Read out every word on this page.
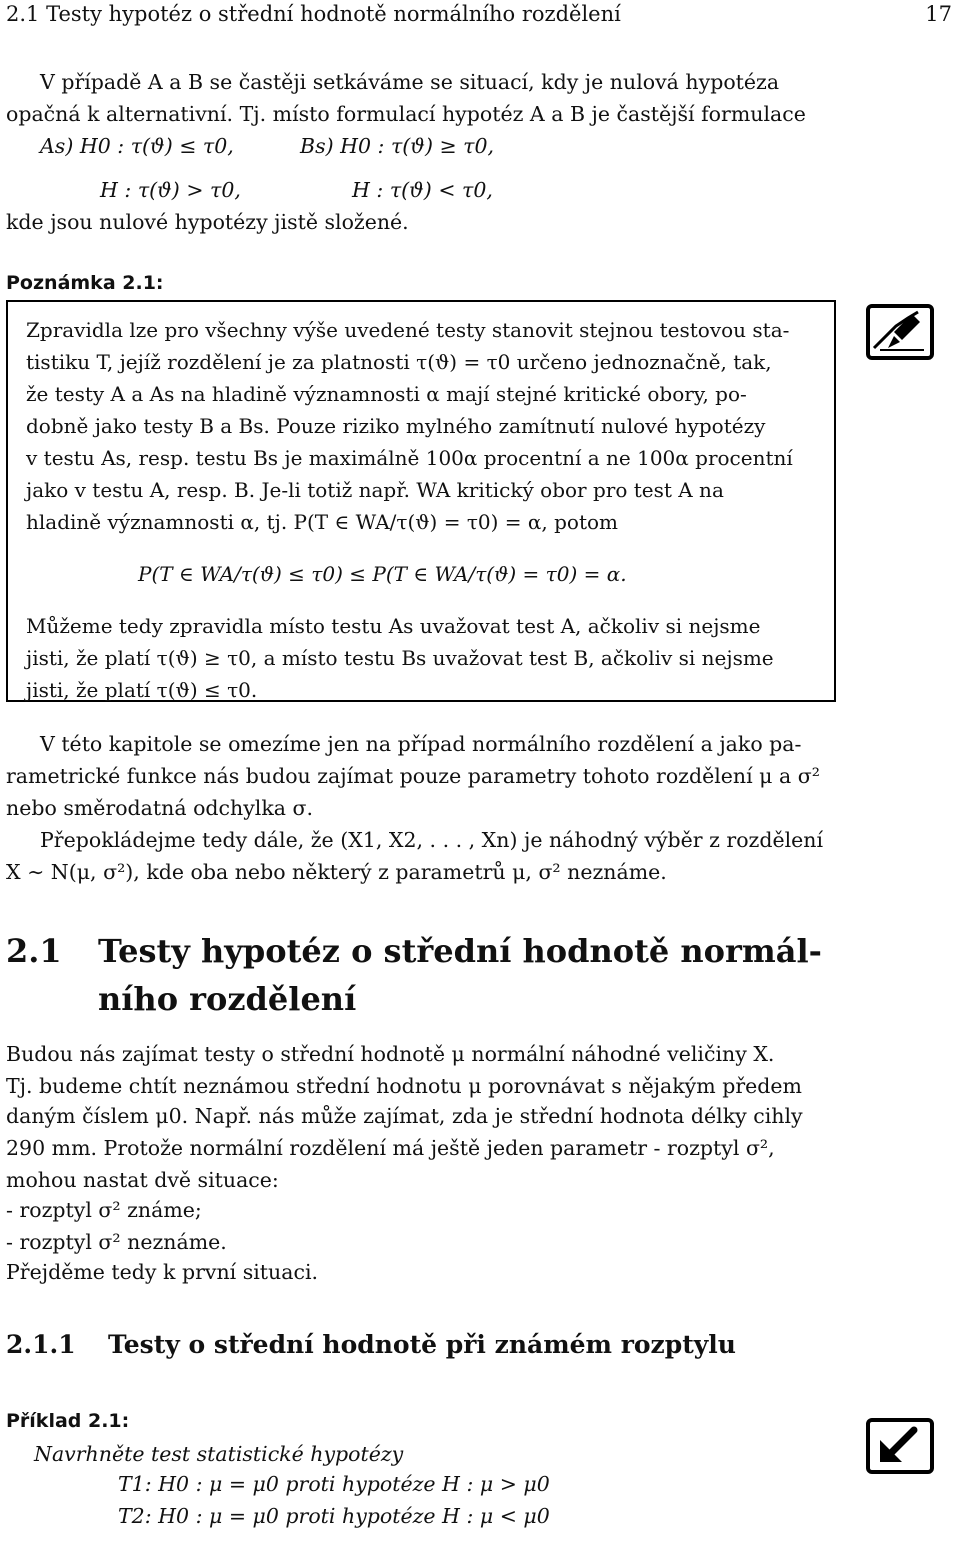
2.1 Testy hypotéz o střední hodnotě normálního rozdělení	17
V případě A a B se častěji setkáváme se situací, kdy je nulová hypotéza
opačná k alternativní. Tj. místo formulací hypotéz A a B je častější formulace
As) H0 : τ(ϑ) ≤ τ0,	Bs) H0 : τ(ϑ) ≥ τ0,
H : τ(ϑ) > τ0,	H : τ(ϑ) < τ0,
kde jsou nulové hypotézy jistě složené.
Poznámka 2.1:
Zpravidla lze pro všechny výše uvedené testy stanovit stejnou testovou sta-
tistiku T, jejíž rozdělení je za platnosti τ(ϑ) = τ0 určeno jednoznačně, tak,
že testy A a As na hladině významnosti α mají stejné kritické obory, po-
dobně jako testy B a Bs. Pouze riziko mylného zamítnutí nulové hypotézy
v testu As, resp. testu Bs je maximálně 100α procentní a ne 100α procentní
jako v testu A, resp. B. Je-li totiž např. WA kritický obor pro test A na
hladině významnosti α, tj. P(T ∈ WA/τ(ϑ) = τ0) = α, potom
P(T ∈ WA/τ(ϑ) ≤ τ0) ≤ P(T ∈ WA/τ(ϑ) = τ0) = α.
Můžeme tedy zpravidla místo testu As uvažovat test A, ačkoliv si nejsme
jisti, že platí τ(ϑ) ≥ τ0, a místo testu Bs uvažovat test B, ačkoliv si nejsme
jisti, že platí τ(ϑ) ≤ τ0.
V této kapitole se omezíme jen na případ normálního rozdělení a jako pa-
rametrické funkce nás budou zajímat pouze parametry tohoto rozdělení μ a σ²
nebo směrodatná odchylka σ.
Přepokládejme tedy dále, že (X1, X2, . . . , Xn) je náhodný výběr z rozdělení
X ∼ N(μ, σ²), kde oba nebo některý z parametrů μ, σ² neznáme.
2.1 Testy hypotéz o střední hodnotě normál-
ního rozdělení
Budou nás zajímat testy o střední hodnotě μ normální náhodné veličiny X.
Tj. budeme chtít neznámou střední hodnotu μ porovnávat s nějakým předem
daným číslem μ0. Např. nás může zajímat, zda je střední hodnota délky cihly
290 mm. Protože normální rozdělení má ještě jeden parametr - rozptyl σ²,
mohou nastat dvě situace:
- rozptyl σ² známe;
- rozptyl σ² neznáme.
Přejděme tedy k první situaci.
2.1.1 Testy o střední hodnotě při známém rozptylu
Příklad 2.1:
Navrhněte test statistické hypotézy
T1: H0 : μ = μ0 proti hypotéze H : μ > μ0
T2: H0 : μ = μ0 proti hypotéze H : μ < μ0
